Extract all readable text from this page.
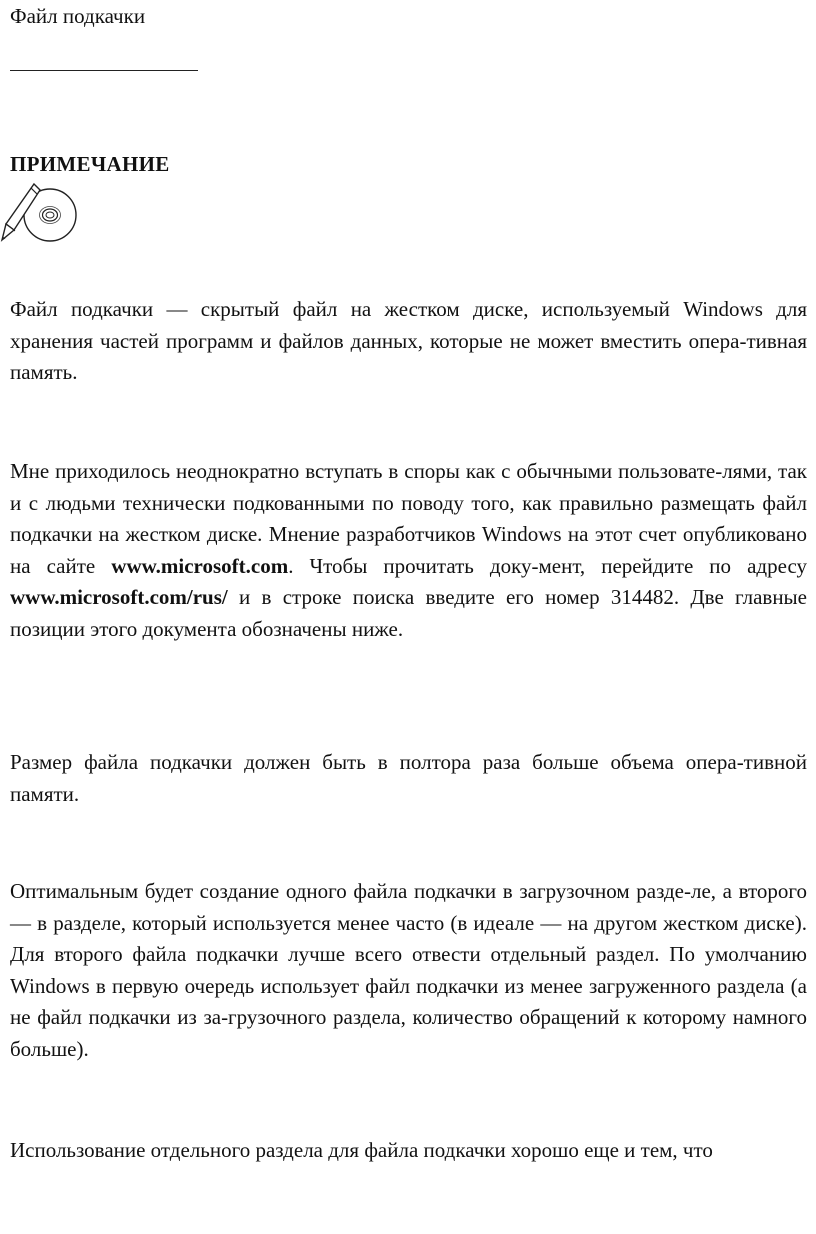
Файл подкачки
ПРИМЕЧАНИЕ

Файл подкачки — скрытый файл на жестком диске, используемый Windows для хранения частей программ и файлов данных, которые не может вместить опера-тивная память.

Мне приходилось неоднократно вступать в споры как с обычными пользовате-лями, так и с людьми технически подкованными по поводу того, как правильно размещать файл подкачки на жестком диске. Мнение разработчиков Windows на этот счет опубликовано на сайте www.microsoft.com. Чтобы прочитать доку-мент, перейдите по адресу www.microsoft.com/rus/ и в строке поиска введите его номер 314482. Две главные позиции этого документа обозначены ниже.

Размер файла подкачки должен быть в полтора раза больше объема опера-тивной памяти.

Оптимальным будет создание одного файла подкачки в загрузочном разде-ле, а второго — в разделе, который используется менее часто (в идеале — на другом жестком диске). Для второго файла подкачки лучше всего отвести отдельный раздел. По умолчанию Windows в первую очередь использует файл подкачки из менее загруженного раздела (а не файл подкачки из за-грузочного раздела, количество обращений к которому намного больше).

Использование отдельного раздела для файла подкачки хорошо еще и тем, что
